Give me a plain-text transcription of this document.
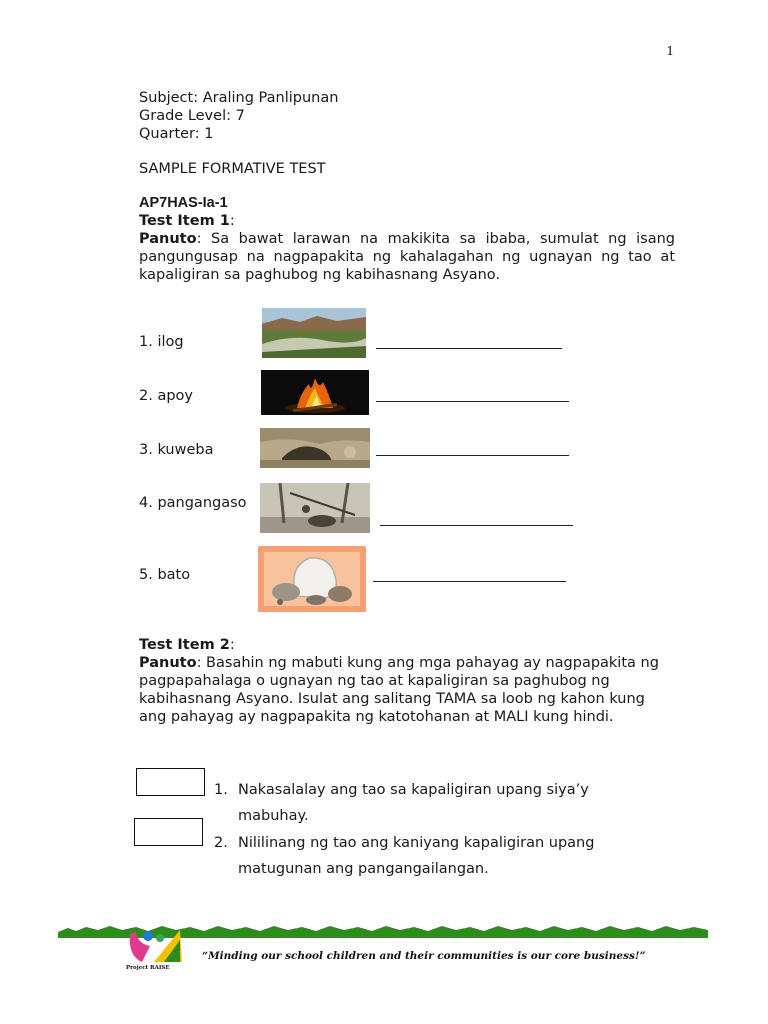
1
Subject: Araling Panlipunan
Grade Level: 7
Quarter: 1
SAMPLE FORMATIVE TEST
AP7HAS-Ia-1
Test Item 1:
Panuto: Sa bawat larawan na makikita sa ibaba, sumulat ng isang pangungusap na nagpapakita ng kahalagahan ng ugnayan ng tao at kapaligiran sa paghubog ng kabihasnang Asyano.
1. ilog
2. apoy
3. kuweba
4. pangangaso
5. bato
Test Item 2:
Panuto: Basahin ng mabuti kung ang mga pahayag ay nagpapakita ng pagpapahalaga o ugnayan ng tao at kapaligiran sa paghubog ng kabihasnang Asyano. Isulat ang salitang TAMA sa loob ng kahon kung ang pahayag ay nagpapakita ng katotohanan at MALI kung hindi.
1. Nakasalalay ang tao sa kapaligiran upang siya’y
mabuhay.
2. Nililinang ng tao ang kaniyang kapaligiran upang
matugunan ang pangangailangan.
Project RAISE
“Minding our school children and their communities is our core business!”
